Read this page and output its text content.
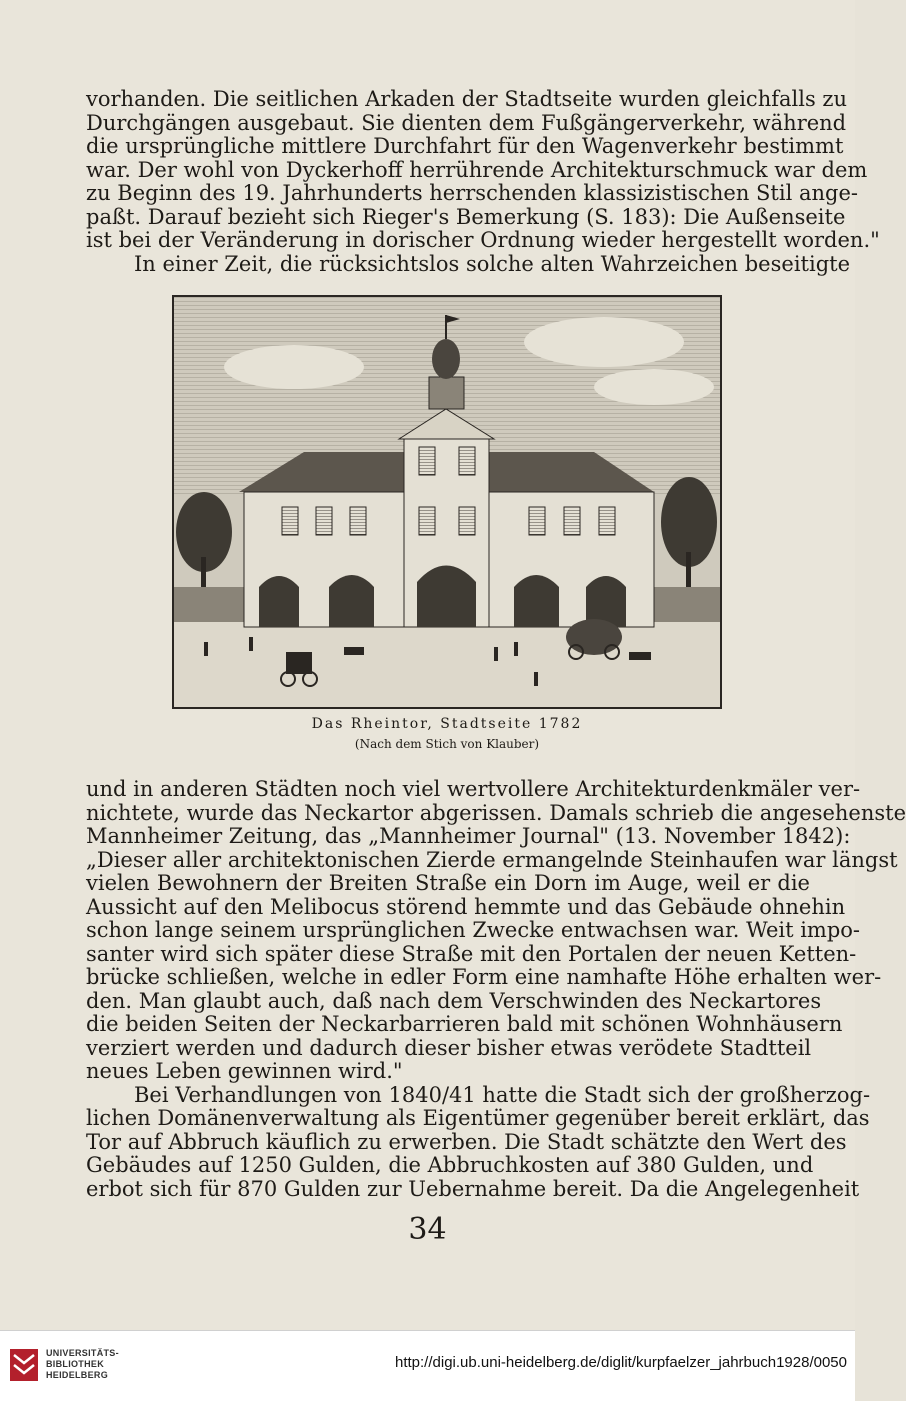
vorhanden. Die seitlichen Arkaden der Stadtseite wurden gleichfalls zu
Durchgängen ausgebaut. Sie dienten dem Fußgängerverkehr, während
die ursprüngliche mittlere Durchfahrt für den Wagenverkehr bestimmt
war. Der wohl von Dyckerhoff herrührende Architekturschmuck war dem
zu Beginn des 19. Jahrhunderts herrschenden klassizistischen Stil ange-
paßt. Darauf bezieht sich Rieger's Bemerkung (S. 183): Die Außenseite
ist bei der Veränderung in dorischer Ordnung wieder hergestellt worden."
In einer Zeit, die rücksichtslos solche alten Wahrzeichen beseitigte
Das Rheintor, Stadtseite 1782
(Nach dem Stich von Klauber)
und in anderen Städten noch viel wertvollere Architekturdenkmäler ver-
nichtete, wurde das Neckartor abgerissen. Damals schrieb die angesehenste
Mannheimer Zeitung, das „Mannheimer Journal" (13. November 1842):
„Dieser aller architektonischen Zierde ermangelnde Steinhaufen war längst
vielen Bewohnern der Breiten Straße ein Dorn im Auge, weil er die
Aussicht auf den Melibocus störend hemmte und das Gebäude ohnehin
schon lange seinem ursprünglichen Zwecke entwachsen war. Weit impo-
santer wird sich später diese Straße mit den Portalen der neuen Ketten-
brücke schließen, welche in edler Form eine namhafte Höhe erhalten wer-
den. Man glaubt auch, daß nach dem Verschwinden des Neckartores
die beiden Seiten der Neckarbarrieren bald mit schönen Wohnhäusern
verziert werden und dadurch dieser bisher etwas verödete Stadtteil
neues Leben gewinnen wird."
Bei Verhandlungen von 1840/41 hatte die Stadt sich der großherzog-
lichen Domänenverwaltung als Eigentümer gegenüber bereit erklärt, das
Tor auf Abbruch käuflich zu erwerben. Die Stadt schätzte den Wert des
Gebäudes auf 1250 Gulden, die Abbruchkosten auf 380 Gulden, und
erbot sich für 870 Gulden zur Uebernahme bereit. Da die Angelegenheit
34
UNIVERSITÄTS-
BIBLIOTHEK
HEIDELBERG
http://digi.ub.uni-heidelberg.de/diglit/kurpfaelzer_jahrbuch1928/0050
